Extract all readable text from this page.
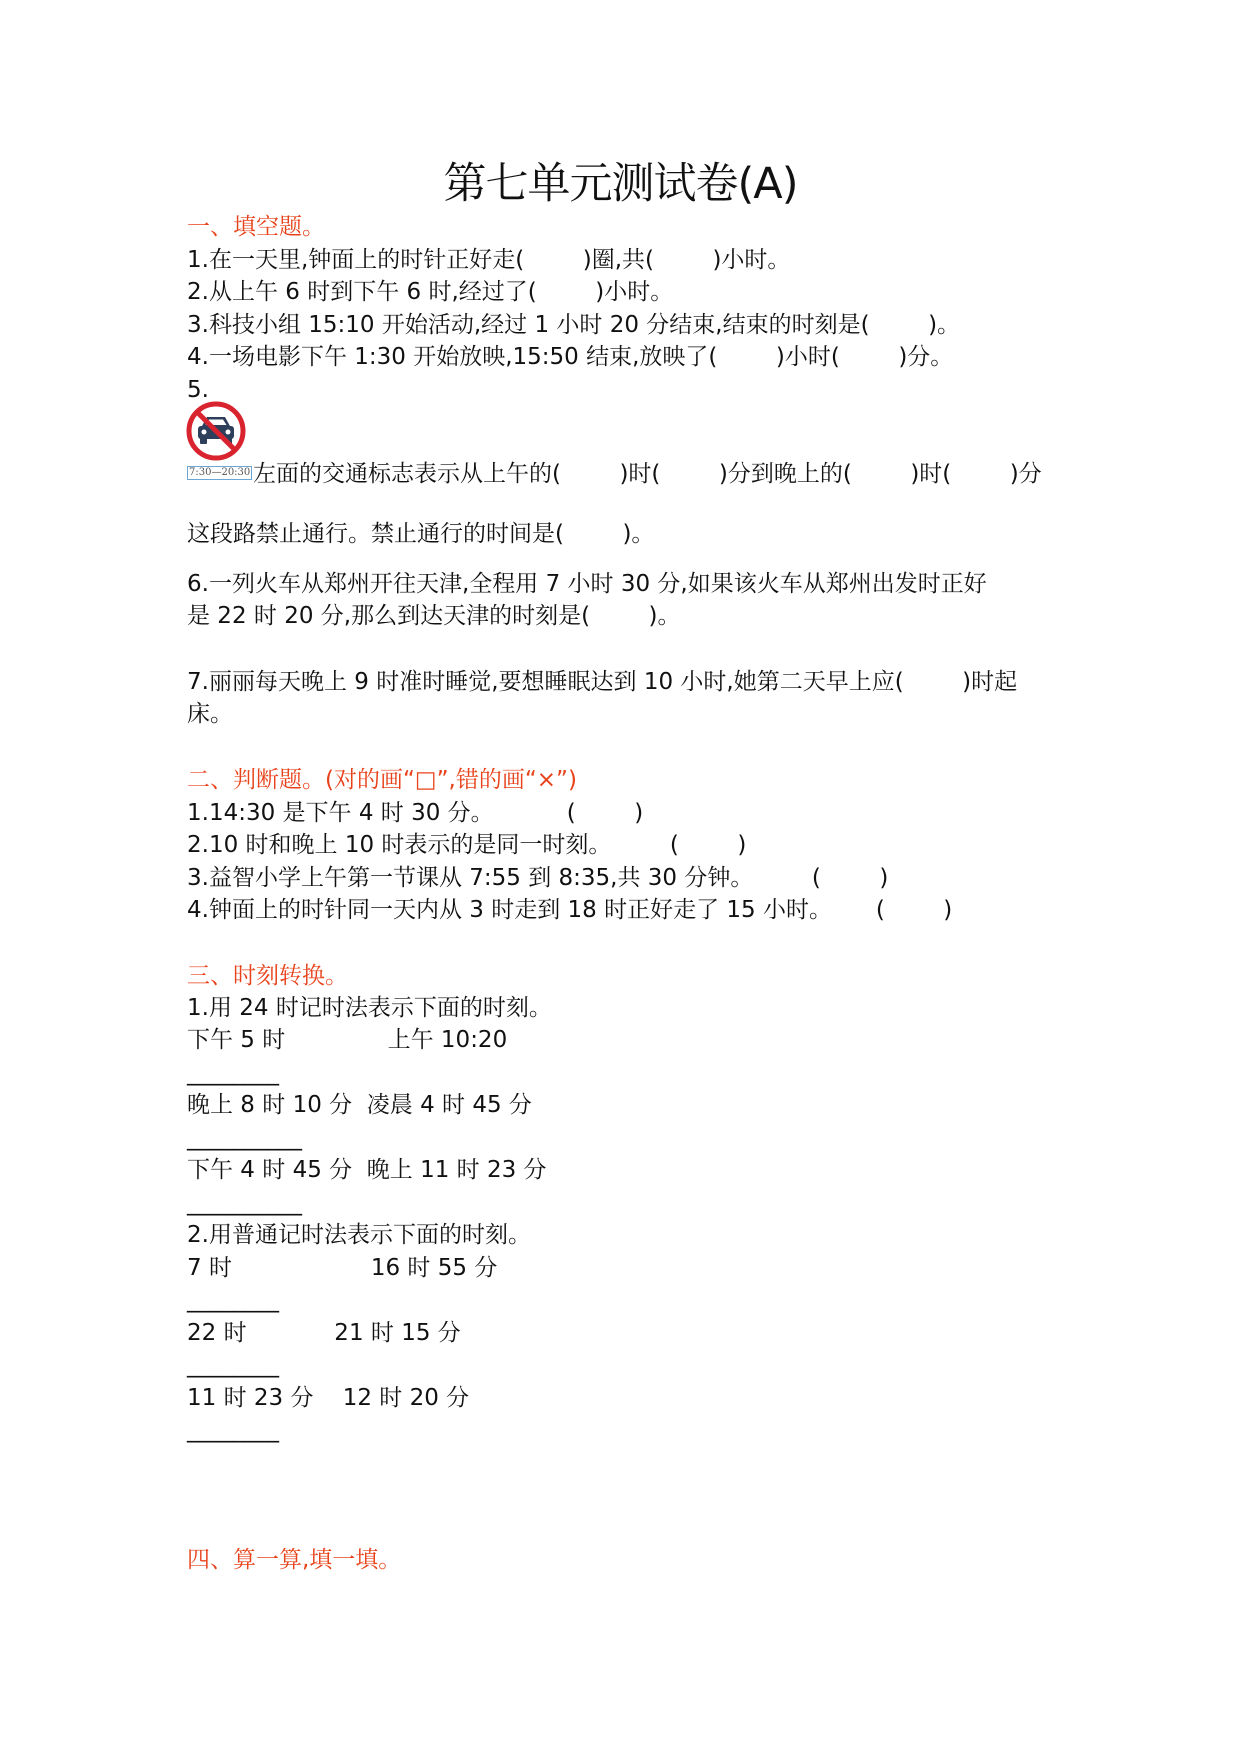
第七单元测试卷(A)
一、填空题。
1.在一天里,钟面上的时针正好走(        )圈,共(        )小时。
2.从上午 6 时到下午 6 时,经过了(        )小时。
3.科技小组 15:10 开始活动,经过 1 小时 20 分结束,结束的时刻是(        )。
4.一场电影下午 1:30 开始放映,15:50 结束,放映了(        )小时(        )分。
5.
7:30—20:30 左面的交通标志表示从上午的(        )时(        )分到晚上的(        )时(        )分
这段路禁止通行。禁止通行的时间是(        )。
6.一列火车从郑州开往天津,全程用 7 小时 30 分,如果该火车从郑州出发时正好
是 22 时 20 分,那么到达天津的时刻是(        )。
7.丽丽每天晚上 9 时准时睡觉,要想睡眠达到 10 小时,她第二天早上应(        )时起
床。
二、判断题。(对的画“□”,错的画“×”)
1.14:30 是下午 4 时 30 分。          (        )
2.10 时和晚上 10 时表示的是同一时刻。        (        )
3.益智小学上午第一节课从 7:55 到 8:35,共 30 分钟。        (        )
4.钟面上的时针同一天内从 3 时走到 18 时正好走了 15 小时。      (        )
三、时刻转换。
1.用 24 时记时法表示下面的时刻。
下午 5 时              上午 10:20
________
晚上 8 时 10 分  凌晨 4 时 45 分
__________
下午 4 时 45 分  晚上 11 时 23 分
__________
2.用普通记时法表示下面的时刻。
7 时                   16 时 55 分
________
22 时            21 时 15 分
________
11 时 23 分    12 时 20 分
________
四、算一算,填一填。
